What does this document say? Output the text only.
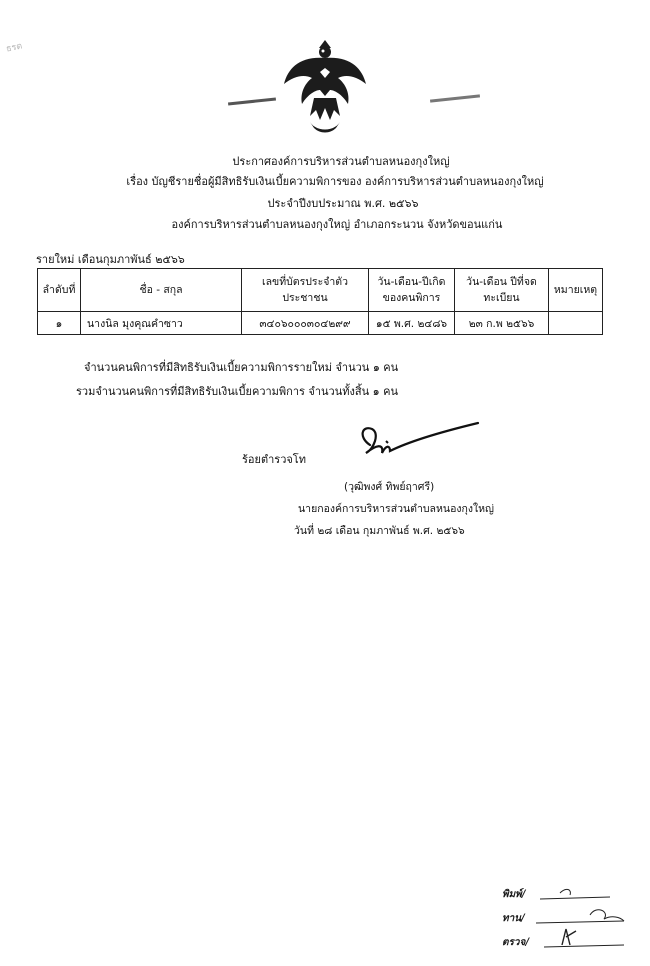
ธรต
ประกาศองค์การบริหารส่วนตำบลหนองกุงใหญ่
เรื่อง บัญชีรายชื่อผู้มีสิทธิรับเงินเบี้ยความพิการของ องค์การบริหารส่วนตำบลหนองกุงใหญ่
ประจำปีงบประมาณ พ.ศ. ๒๕๖๖
องค์การบริหารส่วนตำบลหนองกุงใหญ่ อำเภอกระนวน จังหวัดขอนแก่น
รายใหม่ เดือนกุมภาพันธ์ ๒๕๖๖
ลำดับที่	ชื่อ - สกุล	เลขที่บัตรประจำตัวประชาชน	วัน-เดือน-ปีเกิดของคนพิการ	วัน-เดือน ปีที่จดทะเบียน	หมายเหตุ
๑	นางนิล มุงคุณคำซาว	๓๔๐๖๐๐๐๓๐๔๒๙๙	๑๕ พ.ศ. ๒๔๘๖	๒๓ ก.พ ๒๕๖๖	
จำนวนคนพิการที่มีสิทธิรับเงินเบี้ยความพิการรายใหม่ จำนวน ๑ คน
รวมจำนวนคนพิการที่มีสิทธิรับเงินเบี้ยความพิการ จำนวนทั้งสิ้น ๑ คน
ร้อยตำรวจโท
(วุฒิพงศ์ ทิพย์ฤาศรี)
นายกองค์การบริหารส่วนตำบลหนองกุงใหญ่
วันที่ ๒๘ เดือน กุมภาพันธ์ พ.ศ. ๒๕๖๖
พิมพ์/
ทาน/
ตรวจ/
